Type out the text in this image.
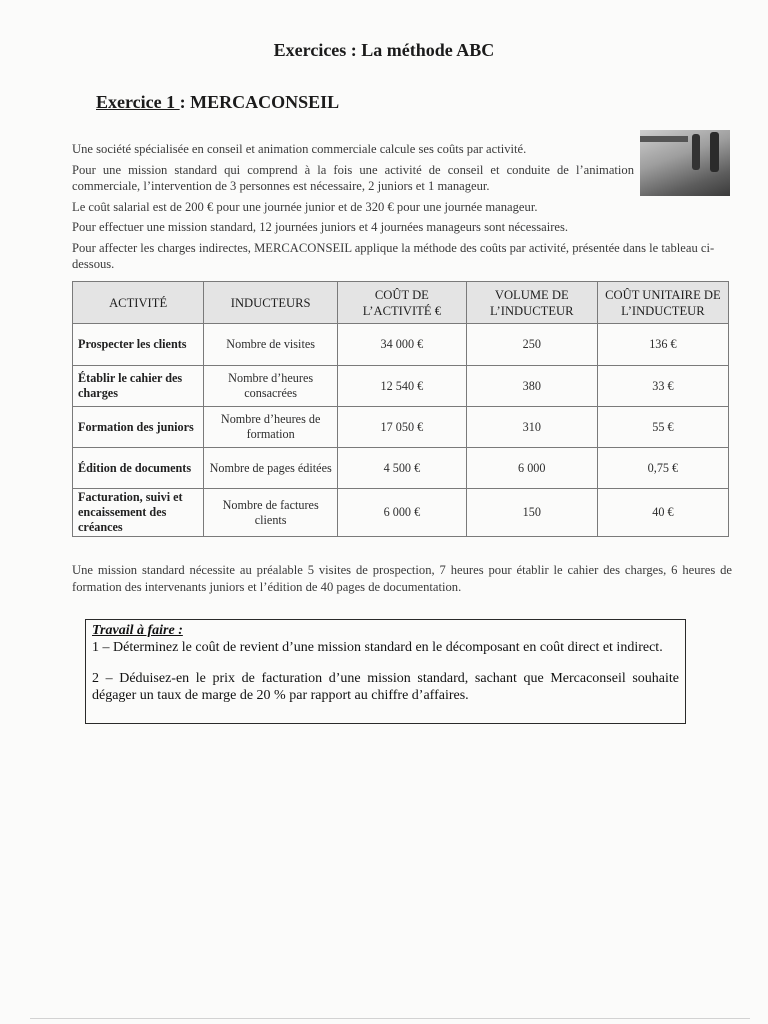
Exercices : La méthode ABC
Exercice 1 : MERCACONSEIL

Une société spécialisée en conseil et animation commerciale calcule ses coûts par activité.

Pour une mission standard qui comprend à la fois une activité de conseil et conduite de l’animation commerciale, l’intervention de 3 personnes est nécessaire, 2 juniors et 1 manageur.

Le coût salarial est de 200 € pour une journée junior et de 320 € pour une journée manageur.

Pour effectuer une mission standard, 12 journées juniors et 4 journées manageurs sont nécessaires.

Pour affecter les charges indirectes, MERCACONSEIL applique la méthode des coûts par activité, présentée dans le tableau ci-dessous.

ACTIVITÉ	INDUCTEURS	COÛT DE L’ACTIVITÉ €	VOLUME DE L’INDUCTEUR	COÛT UNITAIRE DE L’INDUCTEUR
Prospecter les clients	Nombre de visites	34 000 €	250	136 €
Établir le cahier des charges	Nombre d’heures consacrées	12 540 €	380	33 €
Formation des juniors	Nombre d’heures de formation	17 050 €	310	55 €
Édition de documents	Nombre de pages éditées	4 500 €	6 000	0,75 €
Facturation, suivi et encaissement des créances	Nombre de factures clients	6 000 €	150	40 €
Une mission standard nécessite au préalable 5 visites de prospection, 7 heures pour établir le cahier des charges, 6 heures de formation des intervenants juniors et l’édition de 40 pages de documentation.
Travail à faire :

1 – Déterminez le coût de revient d’une mission standard en le décomposant en coût direct et indirect.

2 – Déduisez-en le prix de facturation d’une mission standard, sachant que Mercaconseil souhaite dégager un taux de marge de 20 % par rapport au chiffre d’affaires.
